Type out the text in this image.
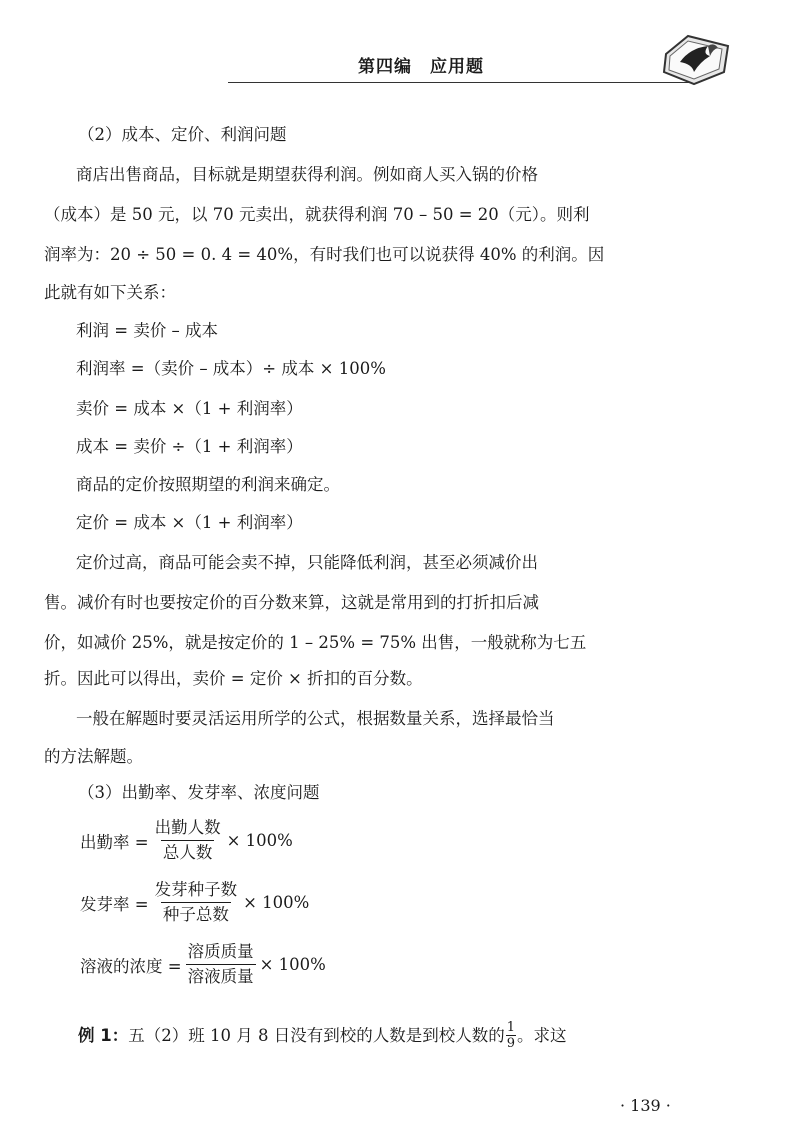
第四编　应用题
（2）成本、定价、利润问题
商店出售商品，目标就是期望获得利润。例如商人买入锅的价格
（成本）是 50 元，以 70 元卖出，就获得利润 70 – 50 = 20（元）。则利
润率为：20 ÷ 50 = 0. 4 = 40%，有时我们也可以说获得 40% 的利润。因
此就有如下关系：
利润 = 卖价 – 成本
利润率 =（卖价 – 成本）÷ 成本 × 100%
卖价 = 成本 ×（1 + 利润率）
成本 = 卖价 ÷（1 + 利润率）
商品的定价按照期望的利润来确定。
定价 = 成本 ×（1 + 利润率）
定价过高，商品可能会卖不掉，只能降低利润，甚至必须减价出
售。减价有时也要按定价的百分数来算，这就是常用到的打折扣后减
价，如减价 25%，就是按定价的 1 – 25% = 75% 出售，一般就称为七五
折。因此可以得出，卖价 = 定价 × 折扣的百分数。
一般在解题时要灵活运用所学的公式，根据数量关系，选择最恰当
的方法解题。
（3）出勤率、发芽率、浓度问题
出勤率 = $\frac{\text{出勤人数}}{\text{总人数}} \times 100\%$
发芽率 = $\frac{\text{发芽种子数}}{\text{种子总数}} \times 100\%$
溶液的浓度 = $\frac{\text{溶质质量}}{\text{溶液质量}} \times 100\%$
例 1： 五（2）班 10 月 8 日没有到校的人数是到校人数的 $\frac{1}{9}$ 。求这
· 139 ·
